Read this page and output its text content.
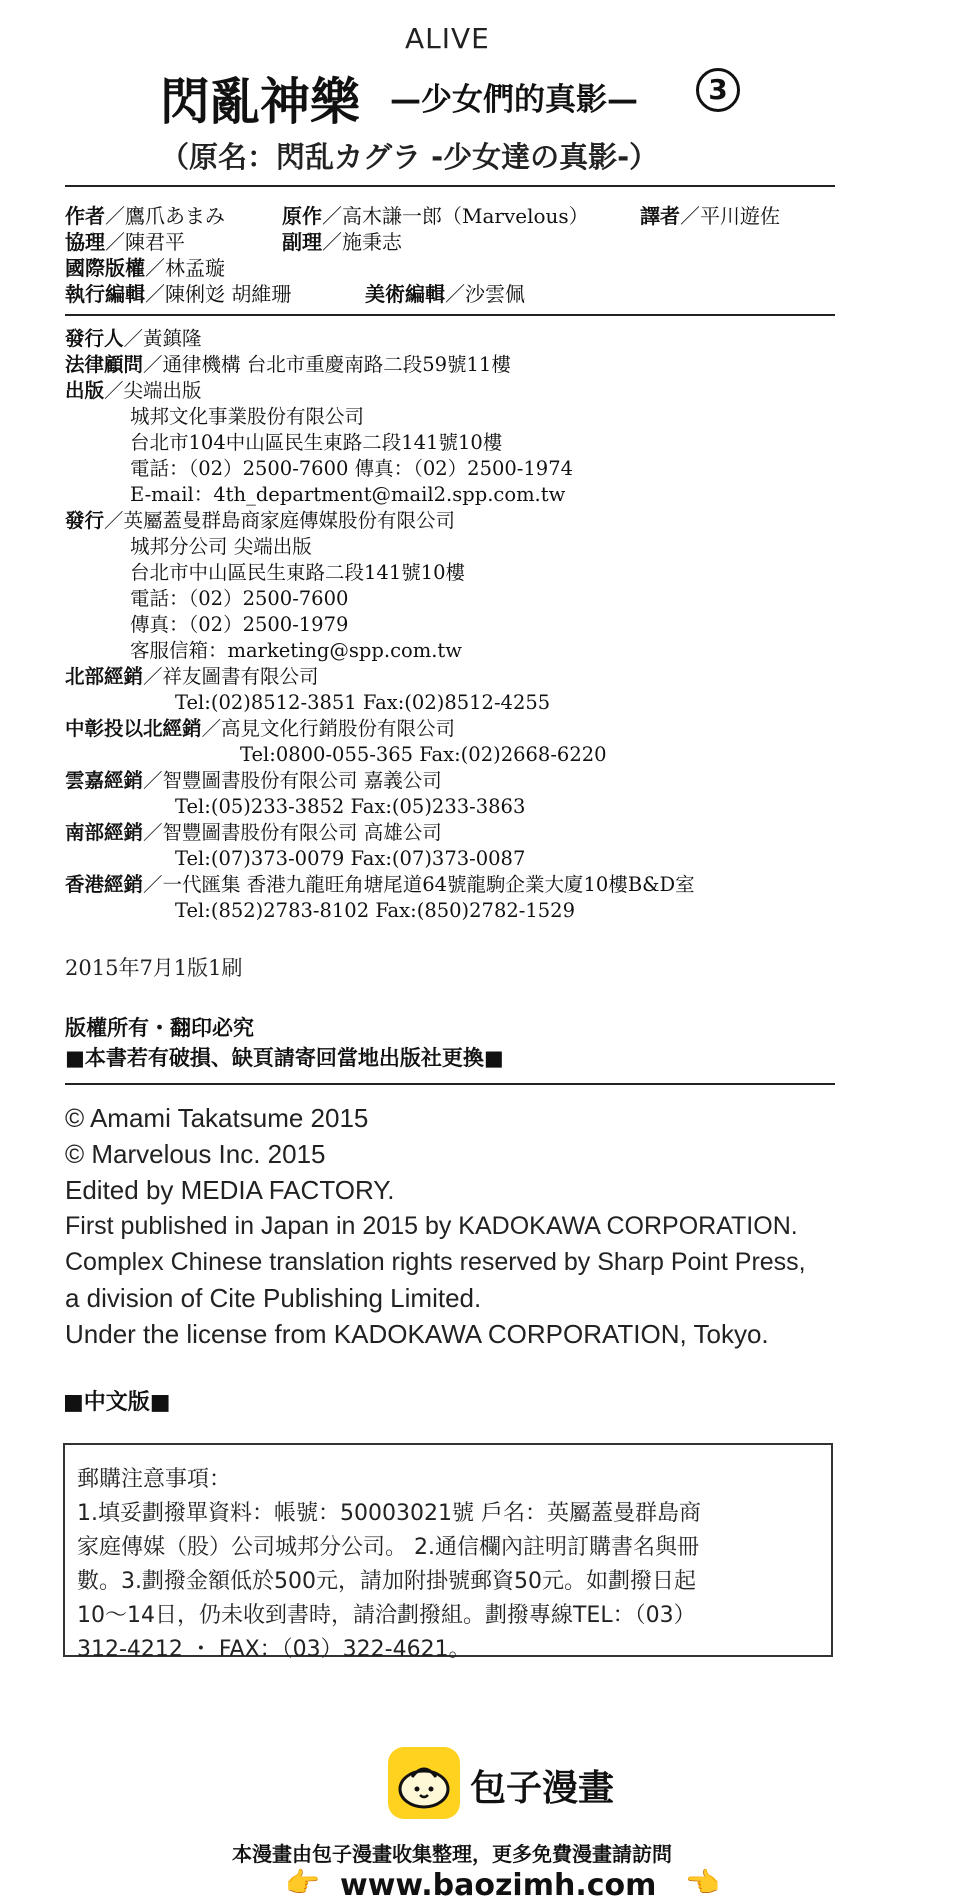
ALIVE
閃亂神樂 —少女們的真影—	3
（原名：閃乱カグラ -少女達の真影-）
作者／鷹爪あまみ	原作／高木謙一郎（Marvelous）	譯者／平川遊佐
協理／陳君平	副理／施秉志
國際版權／林孟璇
執行編輯／陳俐彣 胡維珊	美術編輯／沙雲佩
發行人／黃鎮隆
法律顧問／通律機構 台北市重慶南路二段59號11樓
出版／尖端出版
城邦文化事業股份有限公司
台北市104中山區民生東路二段141號10樓
電話：（02）2500-7600 傳真：（02）2500-1974
E-mail：4th_department@mail2.spp.com.tw
發行／英屬蓋曼群島商家庭傳媒股份有限公司
城邦分公司 尖端出版
台北市中山區民生東路二段141號10樓
電話：（02）2500-7600
傳真：（02）2500-1979
客服信箱：marketing@spp.com.tw
北部經銷／祥友圖書有限公司
Tel:(02)8512-3851 Fax:(02)8512-4255
中彰投以北經銷／高見文化行銷股份有限公司
Tel:0800-055-365 Fax:(02)2668-6220
雲嘉經銷／智豐圖書股份有限公司 嘉義公司
Tel:(05)233-3852 Fax:(05)233-3863
南部經銷／智豐圖書股份有限公司 高雄公司
Tel:(07)373-0079 Fax:(07)373-0087
香港經銷／一代匯集 香港九龍旺角塘尾道64號龍駒企業大廈10樓B&D室
Tel:(852)2783-8102 Fax:(850)2782-1529
2015年7月1版1刷
版權所有・翻印必究
■本書若有破損、缺頁請寄回當地出版社更換■
© Amami Takatsume 2015
© Marvelous Inc. 2015
Edited by MEDIA FACTORY.
First published in Japan in 2015 by KADOKAWA CORPORATION.
Complex Chinese translation rights reserved by Sharp Point Press,
a division of Cite Publishing Limited.
Under the license from KADOKAWA CORPORATION, Tokyo.
■中文版■
郵購注意事項：
1.填妥劃撥單資料：帳號：50003021號 戶名：英屬蓋曼群島商
家庭傳媒（股）公司城邦分公司。 2.通信欄內註明訂購書名與冊
數。3.劃撥金額低於500元，請加附掛號郵資50元。如劃撥日起
10～14日，仍未收到書時，請洽劃撥組。劃撥專線TEL：（03）
312-4212 ・ FAX：（03）322-4621。
包子漫畫
本漫畫由包子漫畫收集整理，更多免費漫畫請訪問
👉 www.baozimh.com 👈
